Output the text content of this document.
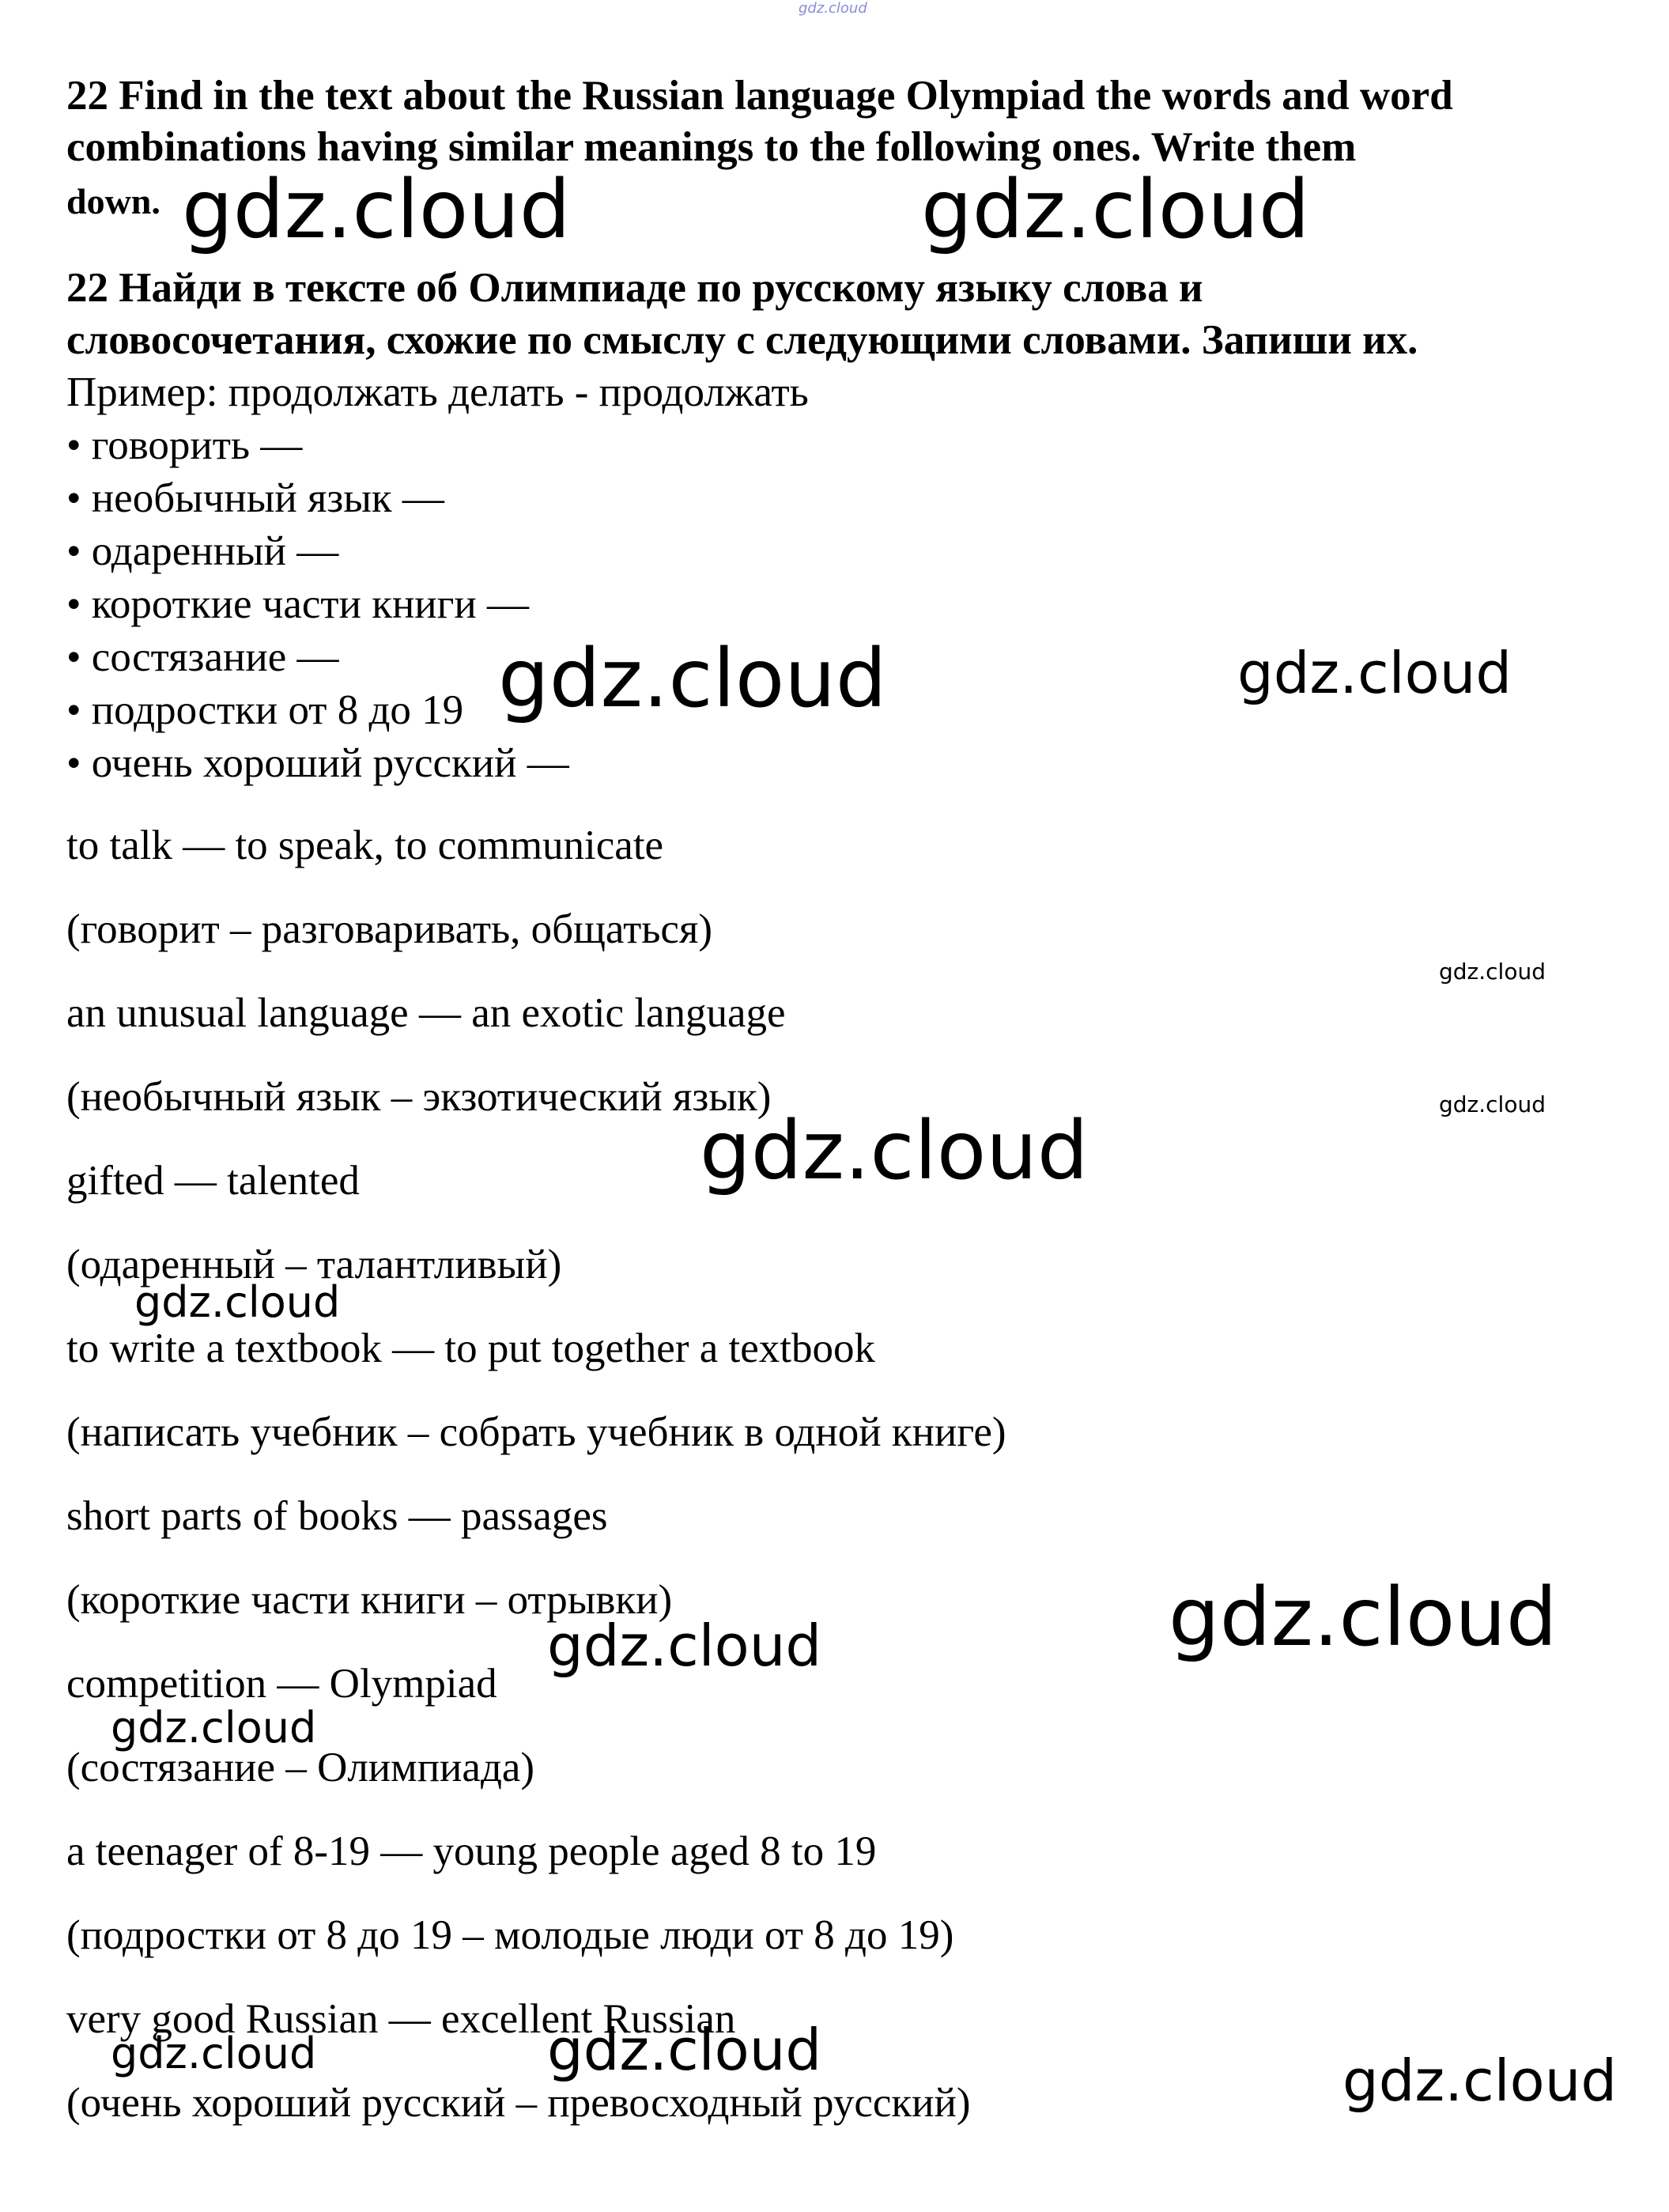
gdz.cloud
22 Find in the text about the Russian language Olympiad the words and word
combinations having similar meanings to the following ones. Write them
down.
22 Найди в тексте об Олимпиаде по русскому языку слова и
словосочетания, схожие по смыслу с следующими словами. Запиши их.
Пример: продолжать делать - продолжать
• говорить —
• необычный язык —
• одаренный —
• короткие части книги —
• состязание —
• подростки от 8 до 19
• очень хороший русский —
to talk — to speak, to communicate
(говорит – разговаривать, общаться)
an unusual language — an exotic language
(необычный язык – экзотический язык)
gifted — talented
(одаренный – талантливый)
to write a textbook — to put together a textbook
(написать учебник – собрать учебник в одной книге)
short parts of books — passages
(короткие части книги – отрывки)
competition — Olympiad
(состязание – Олимпиада)
a teenager of 8-19 — young people aged 8 to 19
(подростки от 8 до 19 – молодые люди от 8 до 19)
very good Russian — excellent Russian
(очень хороший русский – превосходный русский)
gdz.cloud	gdz.cloud
gdz.cloud	gdz.cloud
gdz.cloud
gdz.cloud
gdz.cloud
gdz.cloud
gdz.cloud
gdz.cloud
gdz.cloud
gdz.cloud
gdz.cloud	gdz.cloud
